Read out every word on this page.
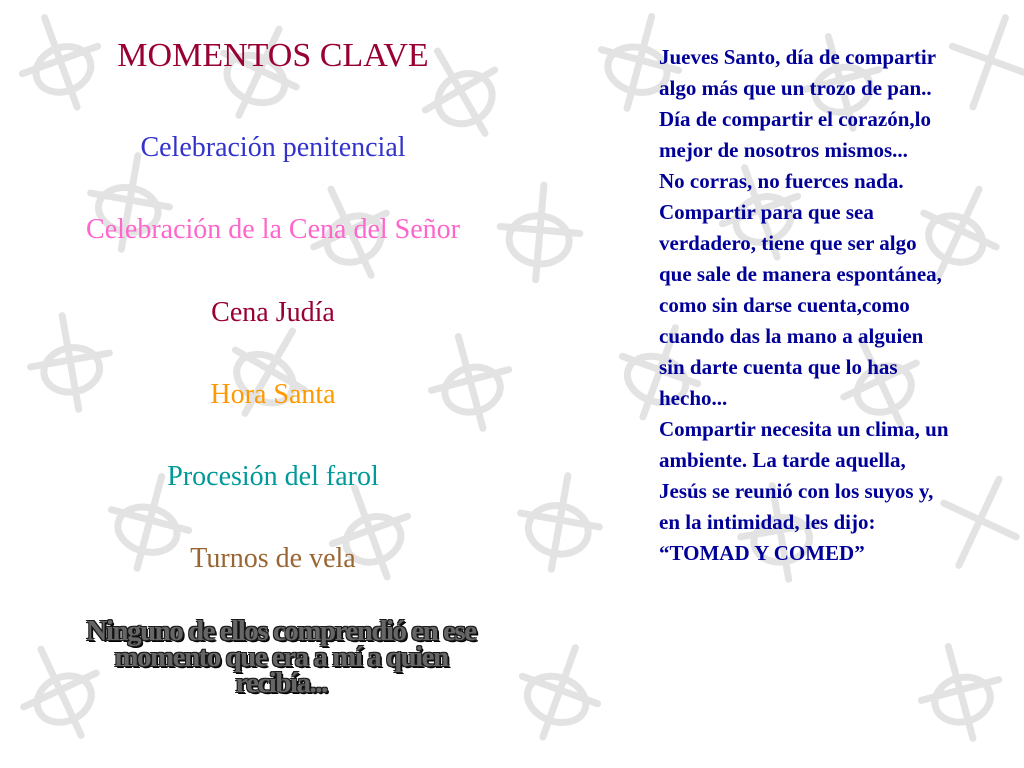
MOMENTOS CLAVE

Celebración penitencial

Celebración de la Cena del Señor

Cena Judía

Hora Santa

Procesión del farol

Turnos de vela

Ninguno de ellos comprendió en ese momento que era a mí a quien recibía...

Jueves Santo, día de compartir algo más que un trozo de pan..
Día de compartir el corazón,lo mejor de nosotros mismos...
No corras, no fuerces nada.
Compartir para que sea verdadero, tiene que ser algo que sale de manera espontánea, como sin darse cuenta,como cuando das la mano a alguien sin darte cuenta que lo has hecho...
Compartir necesita un clima, un ambiente. La tarde aquella, Jesús se reunió con los suyos y, en la intimidad, les dijo: “TOMAD Y COMED”
